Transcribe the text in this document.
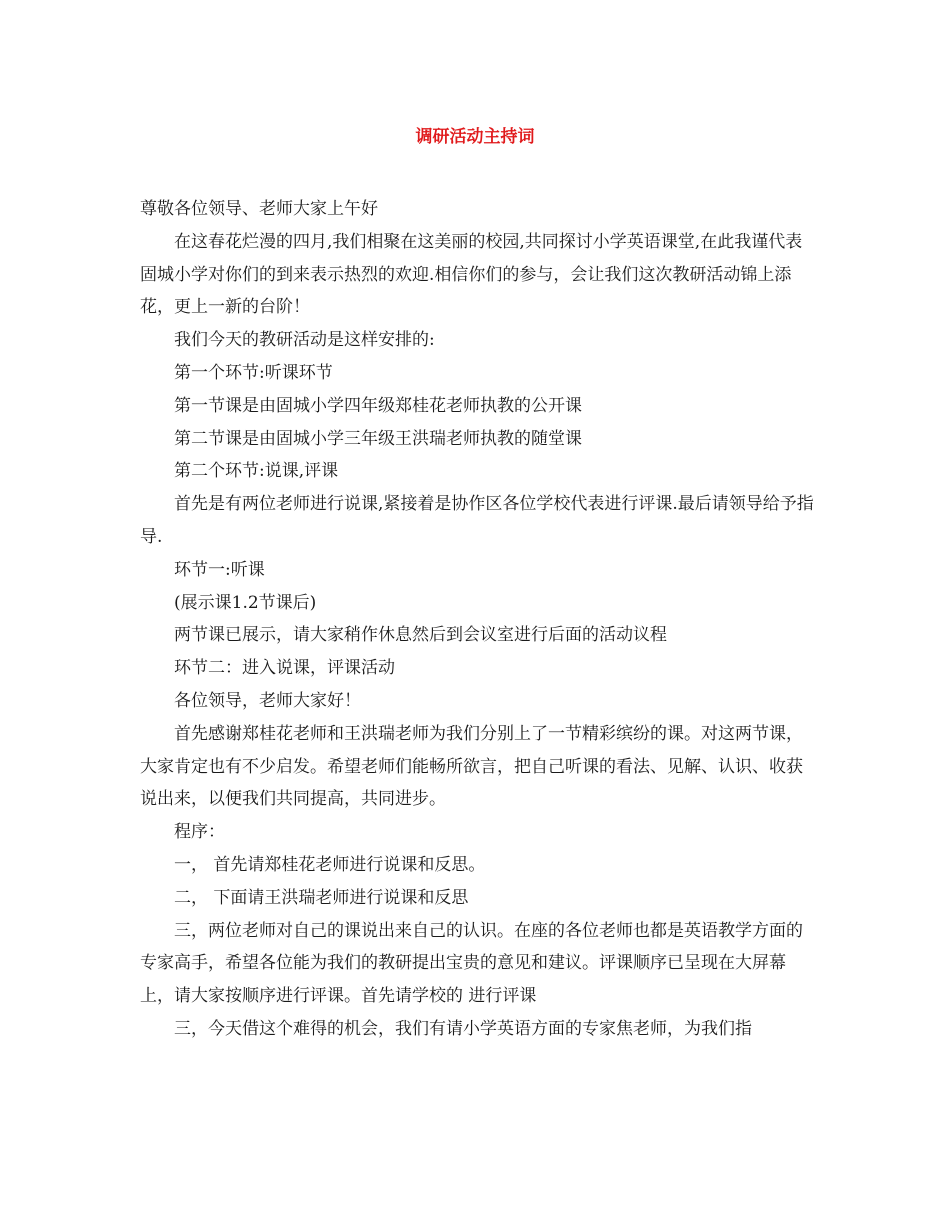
调研活动主持词

尊敬各位领导、老师大家上午好

在这春花烂漫的四月,我们相聚在这美丽的校园,共同探讨小学英语课堂,在此我谨代表固城小学对你们的到来表示热烈的欢迎.相信你们的参与，会让我们这次教研活动锦上添花，更上一新的台阶！

我们今天的教研活动是这样安排的:

第一个环节:听课环节

第一节课是由固城小学四年级郑桂花老师执教的公开课

第二节课是由固城小学三年级王洪瑞老师执教的随堂课

第二个环节:说课,评课

首先是有两位老师进行说课,紧接着是协作区各位学校代表进行评课.最后请领导给予指导.

环节一:听课

(展示课1.2节课后)

两节课已展示，请大家稍作休息然后到会议室进行后面的活动议程

环节二：进入说课，评课活动

各位领导，老师大家好！

首先感谢郑桂花老师和王洪瑞老师为我们分别上了一节精彩缤纷的课。对这两节课，大家肯定也有不少启发。希望老师们能畅所欲言，把自己听课的看法、见解、认识、收获说出来，以便我们共同提高，共同进步。

程序：

一， 首先请郑桂花老师进行说课和反思。

二， 下面请王洪瑞老师进行说课和反思

三，两位老师对自己的课说出来自己的认识。在座的各位老师也都是英语教学方面的专家高手，希望各位能为我们的教研提出宝贵的意见和建议。评课顺序已呈现在大屏幕上，请大家按顺序进行评课。首先请学校的 进行评课

三，今天借这个难得的机会，我们有请小学英语方面的专家焦老师，为我们指
